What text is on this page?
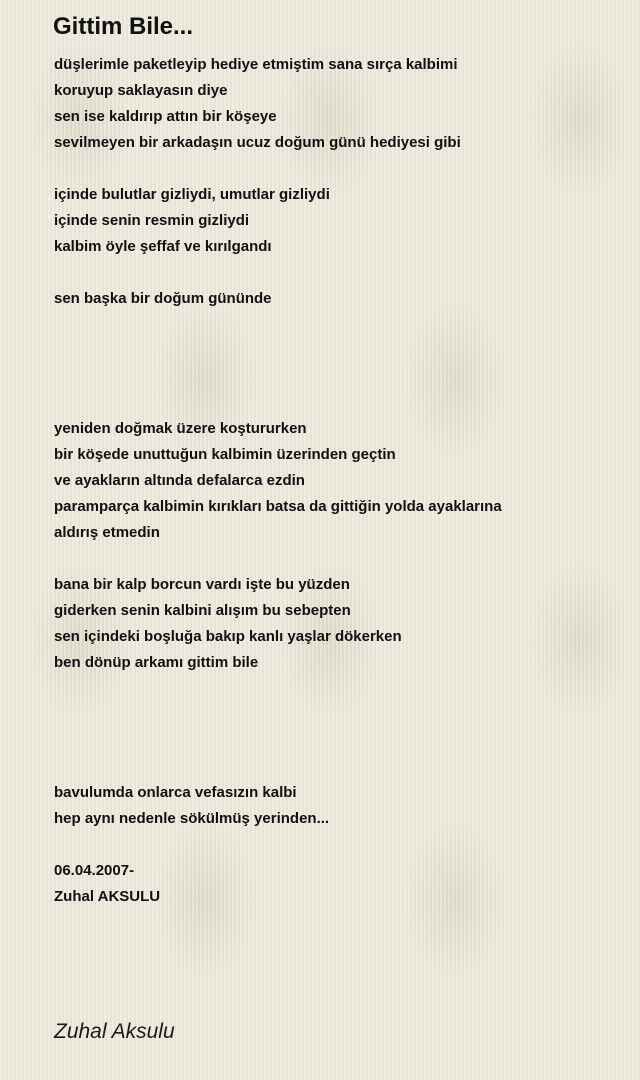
Gittim Bile...
düşlerimle paketleyip hediye etmiştim sana sırça kalbimi
koruyup saklayasın diye
sen ise kaldırıp attın bir köşeye
sevilmeyen bir arkadaşın ucuz doğum günü hediyesi gibi
içinde bulutlar gizliydi, umutlar gizliydi
içinde senin resmin gizliydi
kalbim öyle şeffaf ve kırılgandı
sen başka bir doğum gününde
yeniden doğmak üzere koştururken
bir köşede unuttuğun kalbimin üzerinden geçtin
ve ayakların altında defalarca ezdin
paramparça kalbimin kırıkları batsa da gittiğin yolda ayaklarına
aldırış etmedin
bana bir kalp borcun vardı işte bu yüzden
giderken senin kalbini alışım bu sebepten
sen içindeki boşluğa bakıp kanlı yaşlar dökerken
ben dönüp arkamı gittim bile
bavulumda onlarca vefasızın kalbi
hep aynı nedenle sökülmüş yerinden...
06.04.2007-
Zuhal AKSULU
Zuhal Aksulu
